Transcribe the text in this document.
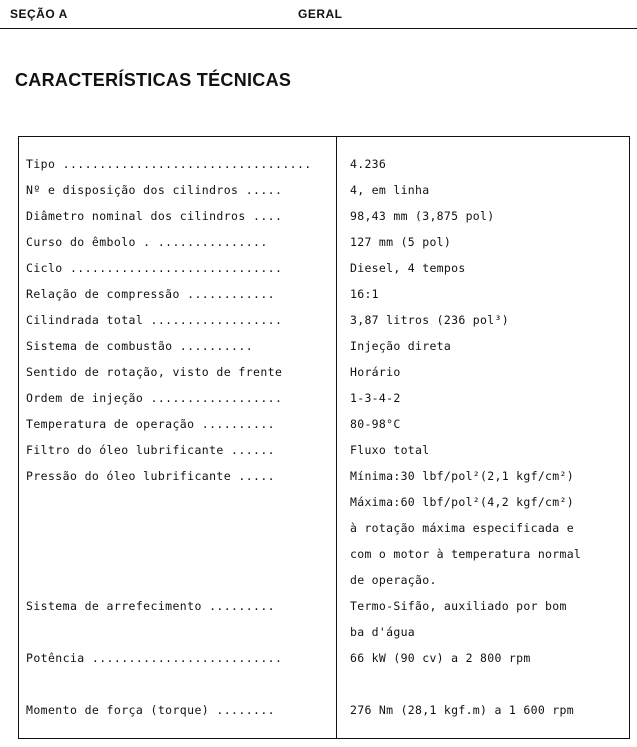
SEÇÃO A	GERAL
CARACTERÍSTICAS TÉCNICAS
Tipo ..................................	4.236
Nº e disposição dos cilindros .....	4, em linha
Diâmetro nominal dos cilindros ....	98,43 mm (3,875 pol)
Curso do êmbolo . ...............	127 mm (5 pol)
Ciclo .............................	Diesel, 4 tempos
Relação de compressão ............	16:1
Cilindrada total ..................	3,87 litros (236 pol³)
Sistema de combustão ..........	Injeção direta
Sentido de rotação, visto de frente	Horário
Ordem de injeção ..................	1-3-4-2
Temperatura de operação ..........	80-98°C
Filtro do óleo lubrificante ......	Fluxo total
Pressão do óleo lubrificante .....	Mínima:30 lbf/pol²(2,1 kgf/cm²)
Máxima:60 lbf/pol²(4,2 kgf/cm²)
à rotação máxima especificada e
com o motor à temperatura normal
de operação.
Sistema de arrefecimento .........	Termo-Sifão, auxiliado por bom
ba d'água
Potência ..........................	66 kW (90 cv) a 2 800 rpm
Momento de força (torque) ........	276 Nm (28,1 kgf.m) a 1 600 rpm
